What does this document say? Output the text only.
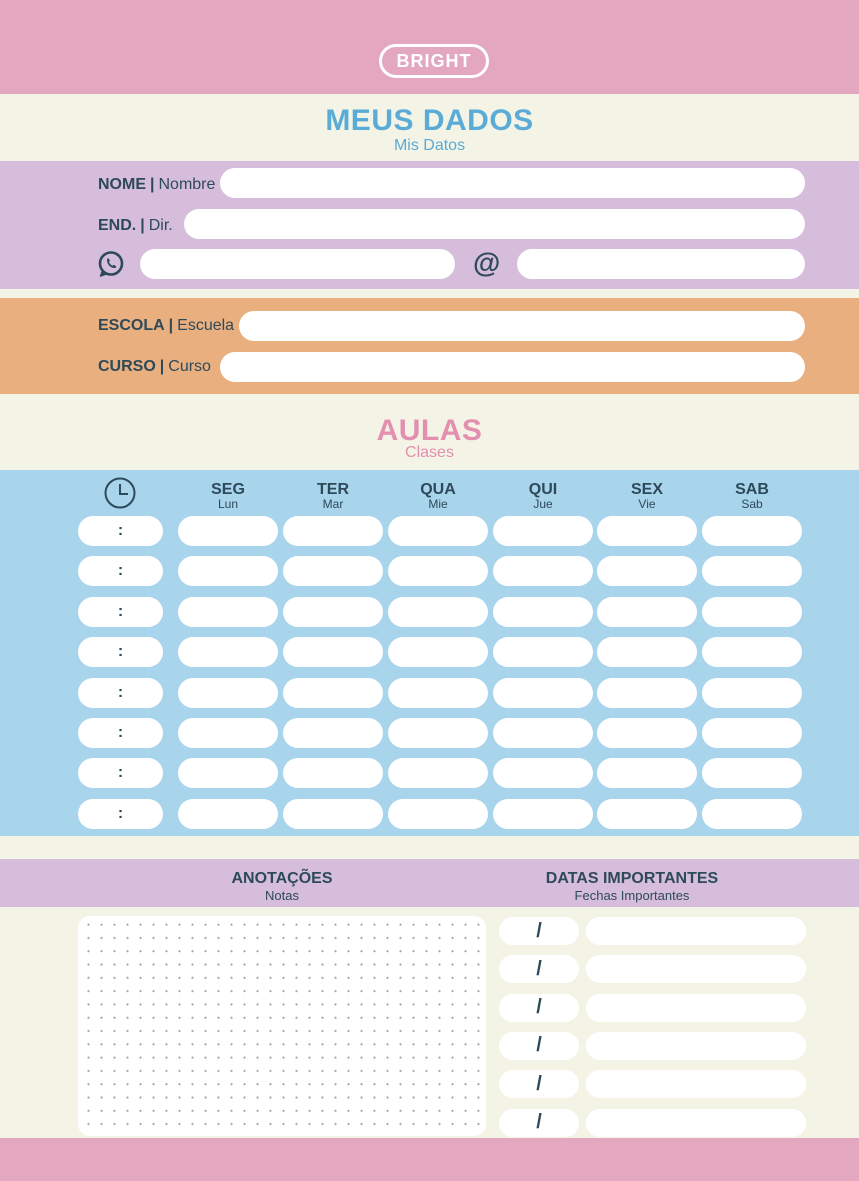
BRIGHT
MEUS DADOS
Mis Datos
NOME | Nombre
END. | Dir.
@
ESCOLA | Escuela
CURSO | Curso
AULAS
Clases
SEG
Lun
TER
Mar
QUA
Mie
QUI
Jue
SEX
Vie
SAB
Sab
:
:
:
:
:
:
:
:
ANOTAÇÕES
Notas
DATAS IMPORTANTES
Fechas Importantes
/
/
/
/
/
/
